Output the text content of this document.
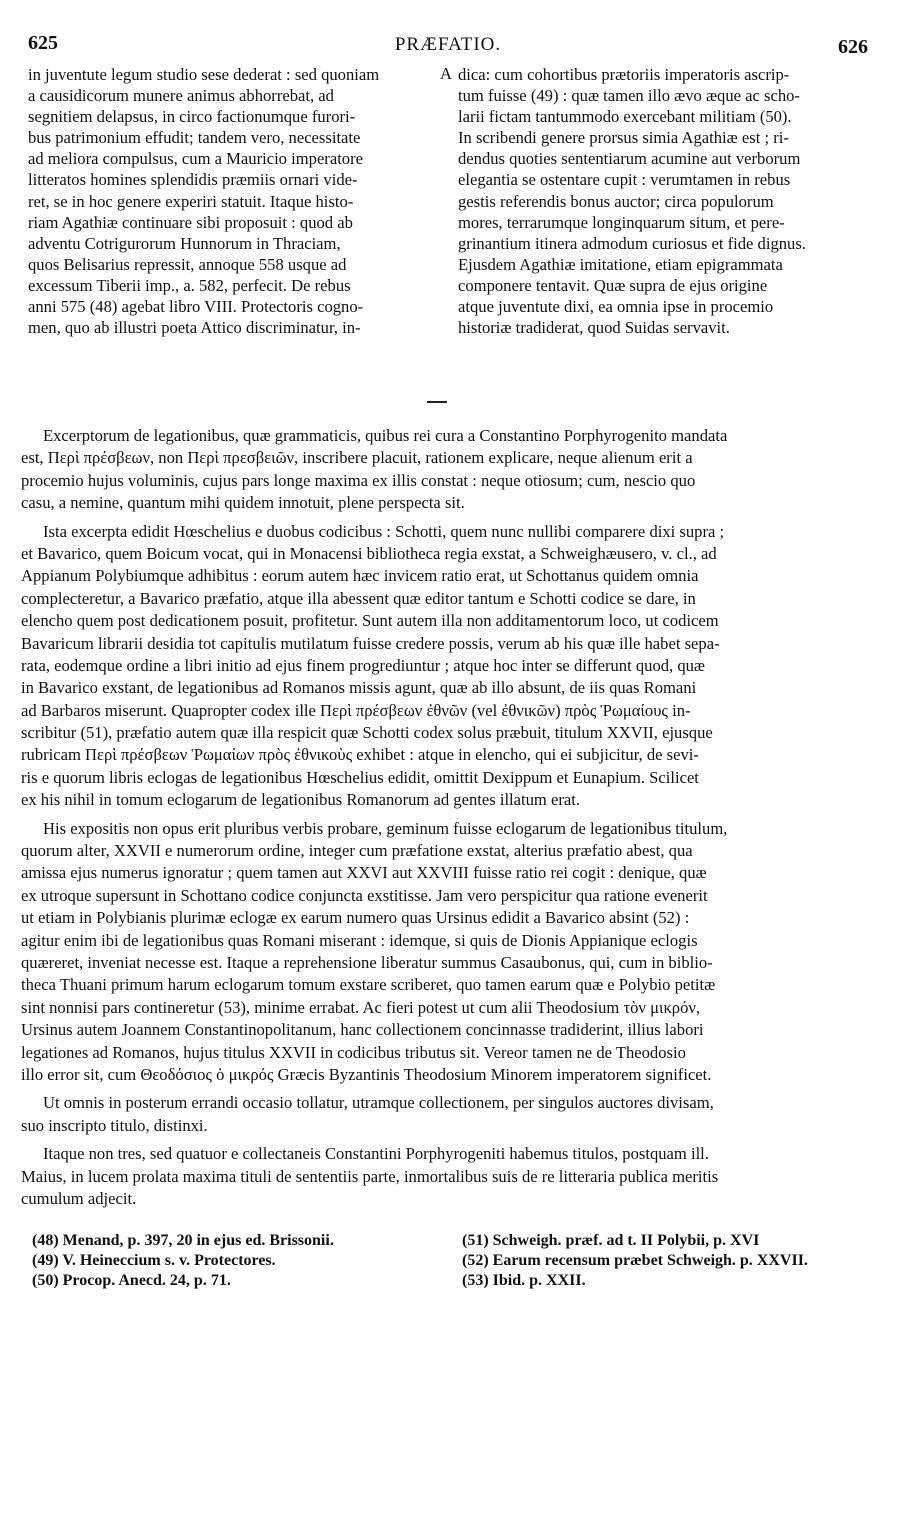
625	PRÆFATIO.	626
in juventute legum studio sese dederat : sed quoniam
a causidicorum munere animus abhorrebat, ad
segnitiem delapsus, in circo factionumque furori-
bus patrimonium effudit; tandem vero, necessitate
ad meliora compulsus, cum a Mauricio imperatore
litteratos homines splendidis præmiis ornari vide-
ret, se in hoc genere experiri statuit. Itaque histo-
riam Agathiæ continuare sibi proposuit : quod ab
adventu Cotrigurorum Hunnorum in Thraciam,
quos Belisarius repressit, annoque 558 usque ad
excessum Tiberii imp., a. 582, perfecit. De rebus
anni 575 (48) agebat libro VIII. Protectoris cogno-
men, quo ab illustri poeta Attico discriminatur, in-
A dica: cum cohortibus prætoriis imperatoris ascrip-
tum fuisse (49) : quæ tamen illo ævo æque ac scho-
larii fictam tantummodo exercebant militiam (50).
In scribendi genere prorsus simia Agathiæ est ; ri-
dendus quoties sententiarum acumine aut verborum
elegantia se ostentare cupit : verumtamen in rebus
gestis referendis bonus auctor; circa populorum
mores, terrarumque longinquarum situm, et pere-
grinantium itinera admodum curiosus et fide dignus.
Ejusdem Agathiæ imitatione, etiam epigrammata
componere tentavit. Quæ supra de ejus origine
atque juventute dixi, ea omnia ipse in procemio
historiæ tradiderat, quod Suidas servavit.

Excerptorum de legationibus, quæ grammaticis, quibus rei cura a Constantino Porphyrogenito mandata
est, Περὶ πρέσβεων, non Περὶ πρεσβειῶν, inscribere placuit, rationem explicare, neque alienum erit a
procemio hujus voluminis, cujus pars longe maxima ex illis constat : neque otiosum; cum, nescio quo
casu, a nemine, quantum mihi quidem innotuit, plene perspecta sit.

Ista excerpta edidit Hœschelius e duobus codicibus : Schotti, quem nunc nullibi comparere dixi supra ;
et Bavarico, quem Boicum vocat, qui in Monacensi bibliotheca regia exstat, a Schweighæusero, v. cl., ad
Appianum Polybiumque adhibitus : eorum autem hæc invicem ratio erat, ut Schottanus quidem omnia
complecteretur, a Bavarico præfatio, atque illa abessent quæ editor tantum e Schotti codice se dare, in
elencho quem post dedicationem posuit, profitetur. Sunt autem illa non additamentorum loco, ut codicem
Bavaricum librarii desidia tot capitulis mutilatum fuisse credere possis, verum ab his quæ ille habet sepa-
rata, eodemque ordine a libri initio ad ejus finem progrediuntur ; atque hoc inter se differunt quod, quæ
in Bavarico exstant, de legationibus ad Romanos missis agunt, quæ ab illo absunt, de iis quas Romani
ad Barbaros miserunt. Quapropter codex ille Περὶ πρέσβεων ἐθνῶν (vel ἐθνικῶν) πρὸς Ῥωμαίους in-
scribitur (51), præfatio autem quæ illa respicit quæ Schotti codex solus præbuit, titulum XXVII, ejusque
rubricam Περὶ πρέσβεων Ῥωμαίων πρὸς ἐθνικοὺς exhibet : atque in elencho, qui ei subjicitur, de sevi-
ris e quorum libris eclogas de legationibus Hœschelius edidit, omittit Dexippum et Eunapium. Scilicet
ex his nihil in tomum eclogarum de legationibus Romanorum ad gentes illatum erat.

His expositis non opus erit pluribus verbis probare, geminum fuisse eclogarum de legationibus titulum,
quorum alter, XXVII e numerorum ordine, integer cum præfatione exstat, alterius præfatio abest, qua
amissa ejus numerus ignoratur ; quem tamen aut XXVI aut XXVIII fuisse ratio rei cogit : denique, quæ
ex utroque supersunt in Schottano codice conjuncta exstitisse. Jam vero perspicitur qua ratione evenerit
ut etiam in Polybianis plurimæ eclogæ ex earum numero quas Ursinus edidit a Bavarico absint (52) :
agitur enim ibi de legationibus quas Romani miserant : idemque, si quis de Dionis Appianique eclogis
quæreret, inveniat necesse est. Itaque a reprehensione liberatur summus Casaubonus, qui, cum in biblio-
theca Thuani primum harum eclogarum tomum exstare scriberet, quo tamen earum quæ e Polybio petitæ
sint nonnisi pars contineretur (53), minime errabat. Ac fieri potest ut cum alii Theodosium τὸν μικρόν,
Ursinus autem Joannem Constantinopolitanum, hanc collectionem concinnasse tradiderint, illius labori
legationes ad Romanos, hujus titulus XXVII in codicibus tributus sit. Vereor tamen ne de Theodosio
illo error sit, cum Θεοδόσιος ὁ μικρός Græcis Byzantinis Theodosium Minorem imperatorem significet.

Ut omnis in posterum errandi occasio tollatur, utramque collectionem, per singulos auctores divisam,
suo inscripto titulo, distinxi.

Itaque non tres, sed quatuor e collectaneis Constantini Porphyrogeniti habemus titulos, postquam ill.
Maius, in lucem prolata maxima tituli de sententiis parte, inmortalibus suis de re litteraria publica meritis
cumulum adjecit.

(48) Menand, p. 397, 20 in ejus ed. Brissonii.
(49) V. Heineccium s. v. Protectores.
(50) Procop. Anecd. 24, p. 71.
(51) Schweigh. præf. ad t. II Polybii, p. XVI
(52) Earum recensum præbet Schweigh. p. XXVII.
(53) Ibid. p. XXII.
